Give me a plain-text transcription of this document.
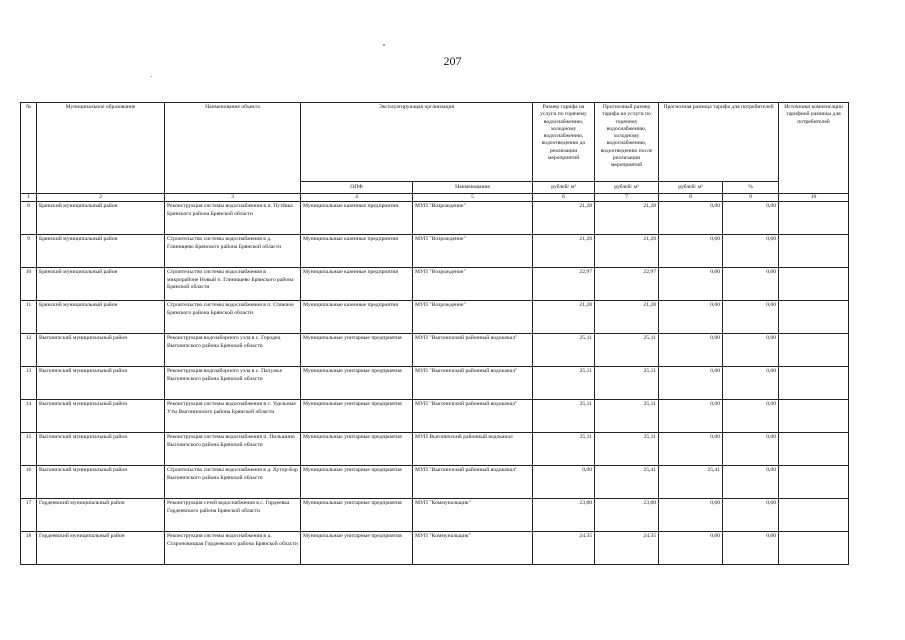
207
№	Муниципальное образование	Наименование объекта	Эксплуатирующая организация		Размер тарифа на услуги по горячему водоснабжению, холодному водоснабжению, водоотведению до реализации мероприятий	Прогнозный размер тарифа на услуги по горячему водоснабжению, холодному водоснабжению, водоотведению после реализации мероприятий	Прогнозная разница тарифа для потребителей		Источники компенсации тарифной разницы для потребителей
			ОПФ	Наименование	рублей/ м³	рублей/ м³	рублей/ м³	%	
1	2	3	4	5	6	7	8	9	10
8	Брянский муниципальный район	Реконструкция системы водоснабжения в п. Путёвка Брянского района Брянской области	Муниципальные казенные предприятия	МУП "Возрождение"	21,28	21,28	0,00	0,00	
9	Брянский муниципальный район	Строительство системы водоснабжения в д. Глинищево Брянского района Брянской области	Муниципальные казенные предприятия	МУП "Возрождение"	21,28	21,28	0,00	0,00	
10	Брянский муниципальный район	Строительство системы водоснабжения в микрорайоне Новый п. Глинищево Брянского района Брянской области	Муниципальные казенные предприятия	МУП "Возрождение"	22,97	22,97	0,00	0,00	
11	Брянский муниципальный район	Строительство системы водоснабжения в п. Стяжное Брянского района Брянской области	Муниципальные казенные предприятия	МУП "Возрождение"	21,28	21,28	0,00	0,00	
12	Выгоничский муниципальный район	Реконструкция водозаборного узла в с. Городец Выгоничского района Брянской области	Муниципальные унитарные предприятия	МУП "Выгоничский районный водоканал"	25,11	25,11	0,00	0,00	
13	Выгоничский муниципальный район	Реконструкция водозаборного узла в с. Палужье Выгоничского района Брянской области	Муниципальные унитарные предприятия	МУП "Выгоничский районный водоканал"	25,11	25,11	0,00	0,00	
14	Выгоничский муниципальный район	Реконструкция системы водоснабжения в с. Удельные Уты Выгоничского района Брянской области	Муниципальные унитарные предприятия	МУП "Выгоничский районный водоканал"	25,11	25,11	0,00	0,00	
15	Выгоничский муниципальный район	Реконструкция системы водоснабжения п. Пильшино Выгоничского района Брянской области	Муниципальные унитарные предприятия	МУП Выгоничский районный водоканал	25,11	25,11	0,00	0,00	
16	Выгоничский муниципальный район	Строительство системы водоснабжения в д. Хутор-Бор Выгоничского района Брянской области	Муниципальные унитарные предприятия	МУП "Выгоничский районный водоканал"	0,00	25,41	25,41	0,00	
17	Гордеевский муниципальный район	Реконструкция сетей водоснабжения в с. Гордеевка Гордеевского района Брянской области	Муниципальные унитарные предприятия	МУП "Коммунальщик"	23,80	23,80	0,00	0,00	
18	Гордеевский муниципальный район	Реконструкция системы водоснабжения в д. Староновицкая Гордеевского района Брянской области	Муниципальные унитарные предприятия	МУП "Коммунальщик"	24,35	24,35	0,00	0,00	
